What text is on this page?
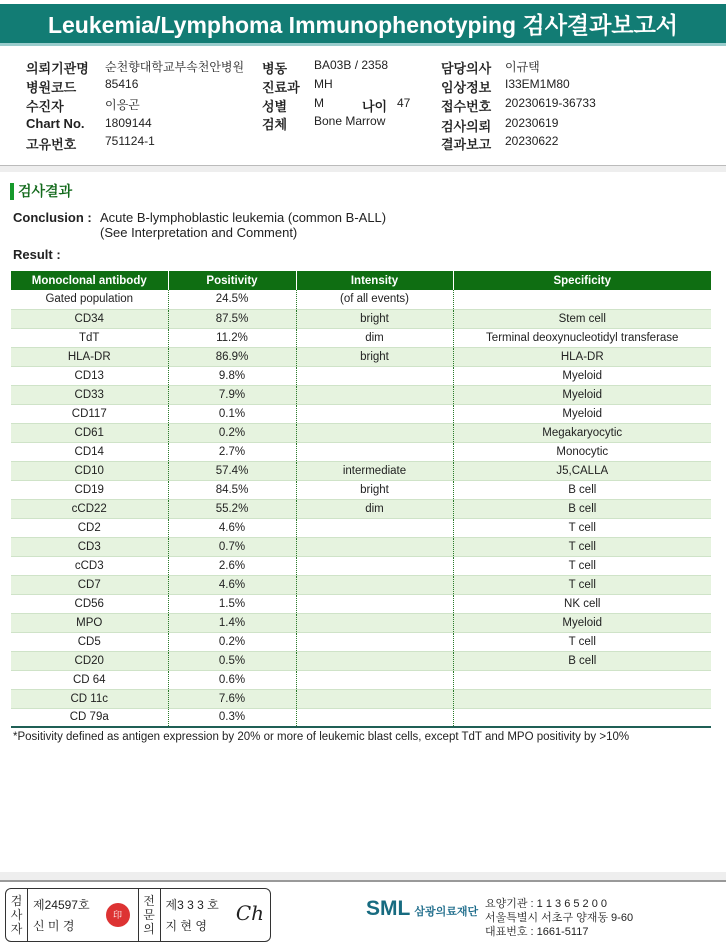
Leukemia/Lymphoma Immunophenotyping 검사결과보고서
의뢰기관명 순천향대학교부속천안병원
병원코드 85416
수진자	이응곤
Chart No. 1809144
고유번호 751124-1
병동 BA03B / 2358
진료과 MH
성별 M	나이 47
검체 Bone Marrow
담당의사 이규택
임상정보 I33EM1M80
접수번호 20230619-36733
검사의뢰 20230619
결과보고 20230622
검사결과
Conclusion : Acute B-lymphoblastic leukemia (common B-ALL)
(See Interpretation and Comment)
Result :
Monoclonal antibody	Positivity	Intensity	Specificity
Gated population	24.5%	(of all events)	
CD34	87.5%	bright	Stem cell
TdT	11.2%	dim	Terminal deoxynucleotidyl transferase
HLA-DR	86.9%	bright	HLA-DR
CD13	9.8%		Myeloid
CD33	7.9%		Myeloid
CD117	0.1%		Myeloid
CD61	0.2%		Megakaryocytic
CD14	2.7%		Monocytic
CD10	57.4%	intermediate	J5,CALLA
CD19	84.5%	bright	B cell
cCD22	55.2%	dim	B cell
CD2	4.6%		T cell
CD3	0.7%		T cell
cCD3	2.6%		T cell
CD7	4.6%		T cell
CD56	1.5%		NK cell
MPO	1.4%		Myeloid
CD5	0.2%		T cell
CD20	0.5%		B cell
CD 64	0.6%		
CD 11c	7.6%		
CD 79a	0.3%		
*Positivity defined as antigen expression by 20% or more of leukemic blast cells, except TdT and MPO positivity by >10%
검사자
제24597호
신 미 경
印
전문의
제3 3 3 호
지 현 영
Ch	SML 삼광의료재단
요양기관 : 1 1 3 6 5 2 0 0
서울특별시 서초구 양재동 9-60
대표번호 : 1661-5117
